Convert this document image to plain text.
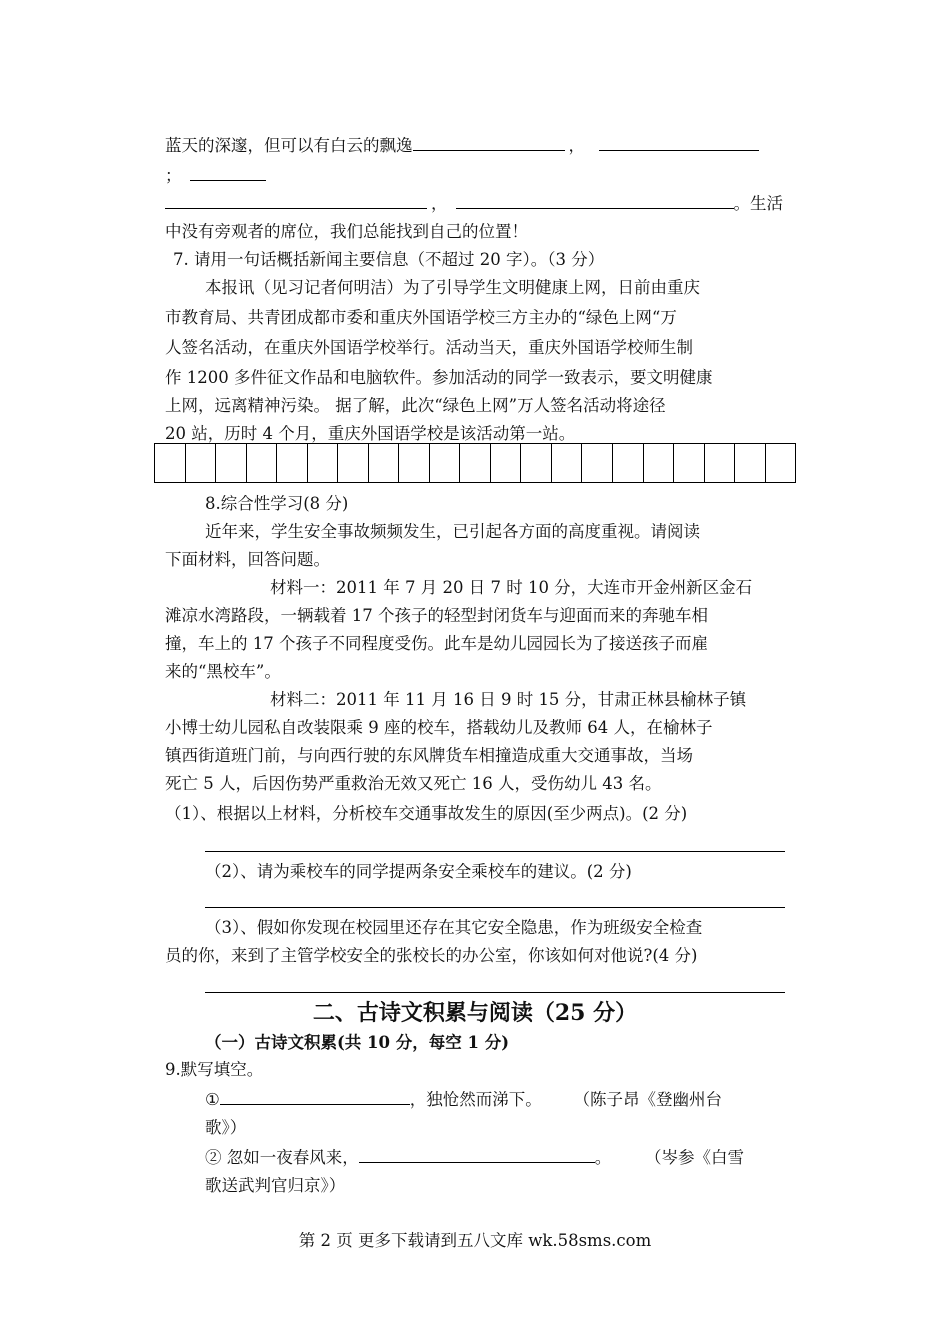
蓝天的深邃，但可以有白云的飘逸	，
；
，	。生活
中没有旁观者的席位，我们总能找到自己的位置！
7. 请用一句话概括新闻主要信息（不超过 20 字）。（3 分）
本报讯（见习记者何明洁）为了引导学生文明健康上网，日前由重庆
市教育局、共青团成都市委和重庆外国语学校三方主办的“绿色上网“万
人签名活动，在重庆外国语学校举行。活动当天，重庆外国语学校师生制
作 1200 多件征文作品和电脑软件。参加活动的同学一致表示，要文明健康
上网，远离精神污染。 据了解，此次“绿色上网”万人签名活动将途径
20 站，历时 4 个月，重庆外国语学校是该活动第一站。
8.综合性学习(8 分)
近年来，学生安全事故频频发生，已引起各方面的高度重视。请阅读
下面材料，回答问题。
材料一：2011 年 7 月 20 日 7 时 10 分，大连市开金州新区金石
滩凉水湾路段，一辆载着 17 个孩子的轻型封闭货车与迎面而来的奔驰车相
撞，车上的 17 个孩子不同程度受伤。此车是幼儿园园长为了接送孩子而雇
来的“黑校车”。
材料二：2011 年 11 月 16 日 9 时 15 分，甘肃正林县榆林子镇
小博士幼儿园私自改装限乘 9 座的校车，搭载幼儿及教师 64 人，在榆林子
镇西街道班门前，与向西行驶的东风牌货车相撞造成重大交通事故，当场
死亡 5 人，后因伤势严重救治无效又死亡 16 人，受伤幼儿 43 名。
（1）、根据以上材料，分析校车交通事故发生的原因(至少两点)。(2 分)
（2）、请为乘校车的同学提两条安全乘校车的建议。(2 分)
（3）、假如你发现在校园里还存在其它安全隐患，作为班级安全检查
员的你，来到了主管学校安全的张校长的办公室，你该如何对他说?(4 分)
二、古诗文积累与阅读（25 分）
（一）古诗文积累(共 10 分，每空 1 分)
9.默写填空。
①	，独怆然而涕下。 （陈子昂《登幽州台
歌》）
② 忽如一夜春风来，	。	（岑参《白雪
歌送武判官归京》）
第 2 页 更多下载请到五八文库 wk.58sms.com
